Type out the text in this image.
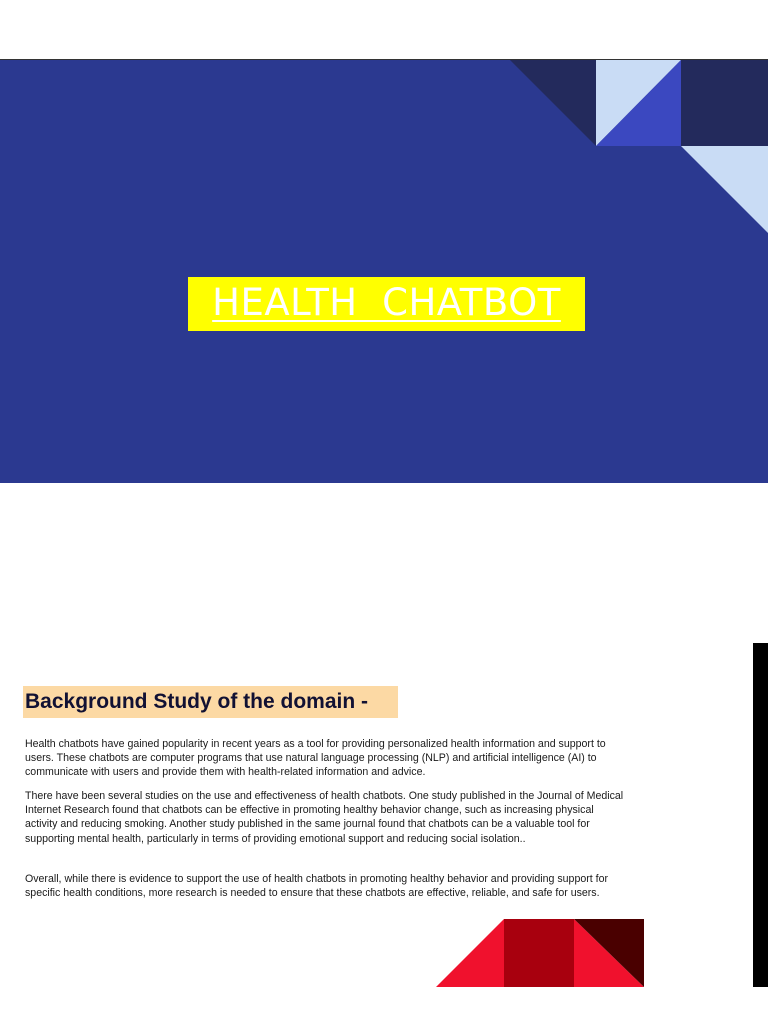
HEALTH  CHATBOT
Background Study of the domain -

Health chatbots have gained popularity in recent years as a tool for providing personalized health information and support to users. These chatbots are computer programs that use natural language processing (NLP) and artificial intelligence (AI) to communicate with users and provide them with health-related information and advice.

There have been several studies on the use and effectiveness of health chatbots. One study published in the Journal of Medical Internet Research found that chatbots can be effective in promoting healthy behavior change, such as increasing physical activity and reducing smoking. Another study published in the same journal found that chatbots can be a valuable tool for supporting mental health, particularly in terms of providing emotional support and reducing social isolation..

Overall, while there is evidence to support the use of health chatbots in promoting healthy behavior and providing support for specific health conditions, more research is needed to ensure that these chatbots are effective, reliable, and safe for users.
